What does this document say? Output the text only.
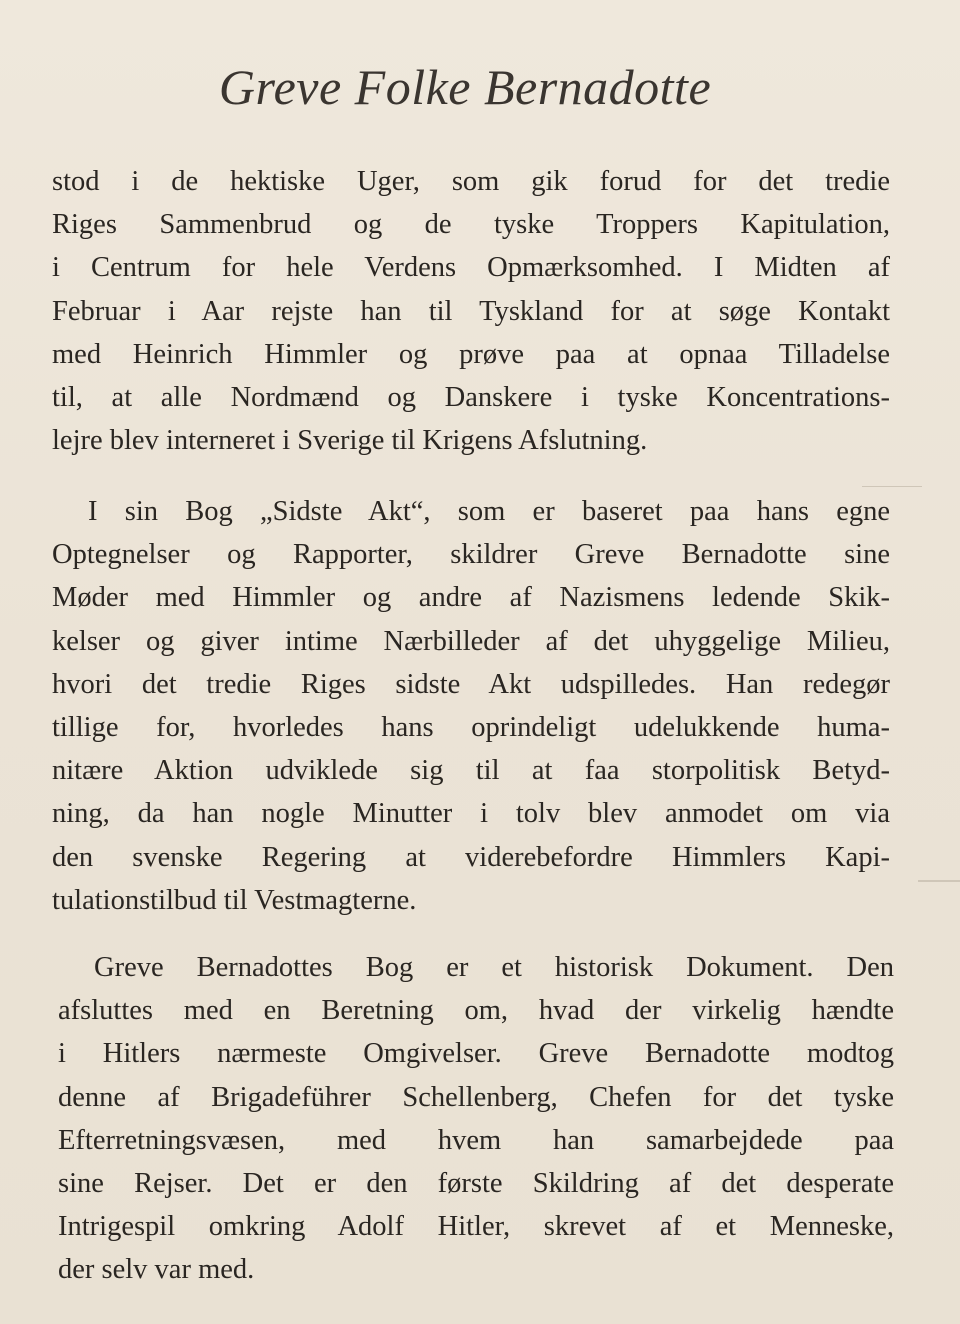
Greve Folke Bernadotte
stod i de hektiske Uger, som gik forud for det tredie
Riges Sammenbrud og de tyske Troppers Kapitulation,
i Centrum for hele Verdens Opmærksomhed. I Midten af
Februar i Aar rejste han til Tyskland for at søge Kontakt
med Heinrich Himmler og prøve paa at opnaa Tilladelse
til, at alle Nordmænd og Danskere i tyske Koncentrations-
lejre blev interneret i Sverige til Krigens Afslutning.
I sin Bog „Sidste Akt“, som er baseret paa hans egne
Optegnelser og Rapporter, skildrer Greve Bernadotte sine
Møder med Himmler og andre af Nazismens ledende Skik-
kelser og giver intime Nærbilleder af det uhyggelige Milieu,
hvori det tredie Riges sidste Akt udspilledes. Han redegør
tillige for, hvorledes hans oprindeligt udelukkende huma-
nitære Aktion udviklede sig til at faa storpolitisk Betyd-
ning, da han nogle Minutter i tolv blev anmodet om via
den svenske Regering at viderebefordre Himmlers Kapi-
tulationstilbud til Vestmagterne.
Greve Bernadottes Bog er et historisk Dokument. Den
afsluttes med en Beretning om, hvad der virkelig hændte
i Hitlers nærmeste Omgivelser. Greve Bernadotte modtog
denne af Brigadeführer Schellenberg, Chefen for det tyske
Efterretningsvæsen, med hvem han samarbejdede paa
sine Rejser. Det er den første Skildring af det desperate
Intrigespil omkring Adolf Hitler, skrevet af et Menneske,
der selv var med.
